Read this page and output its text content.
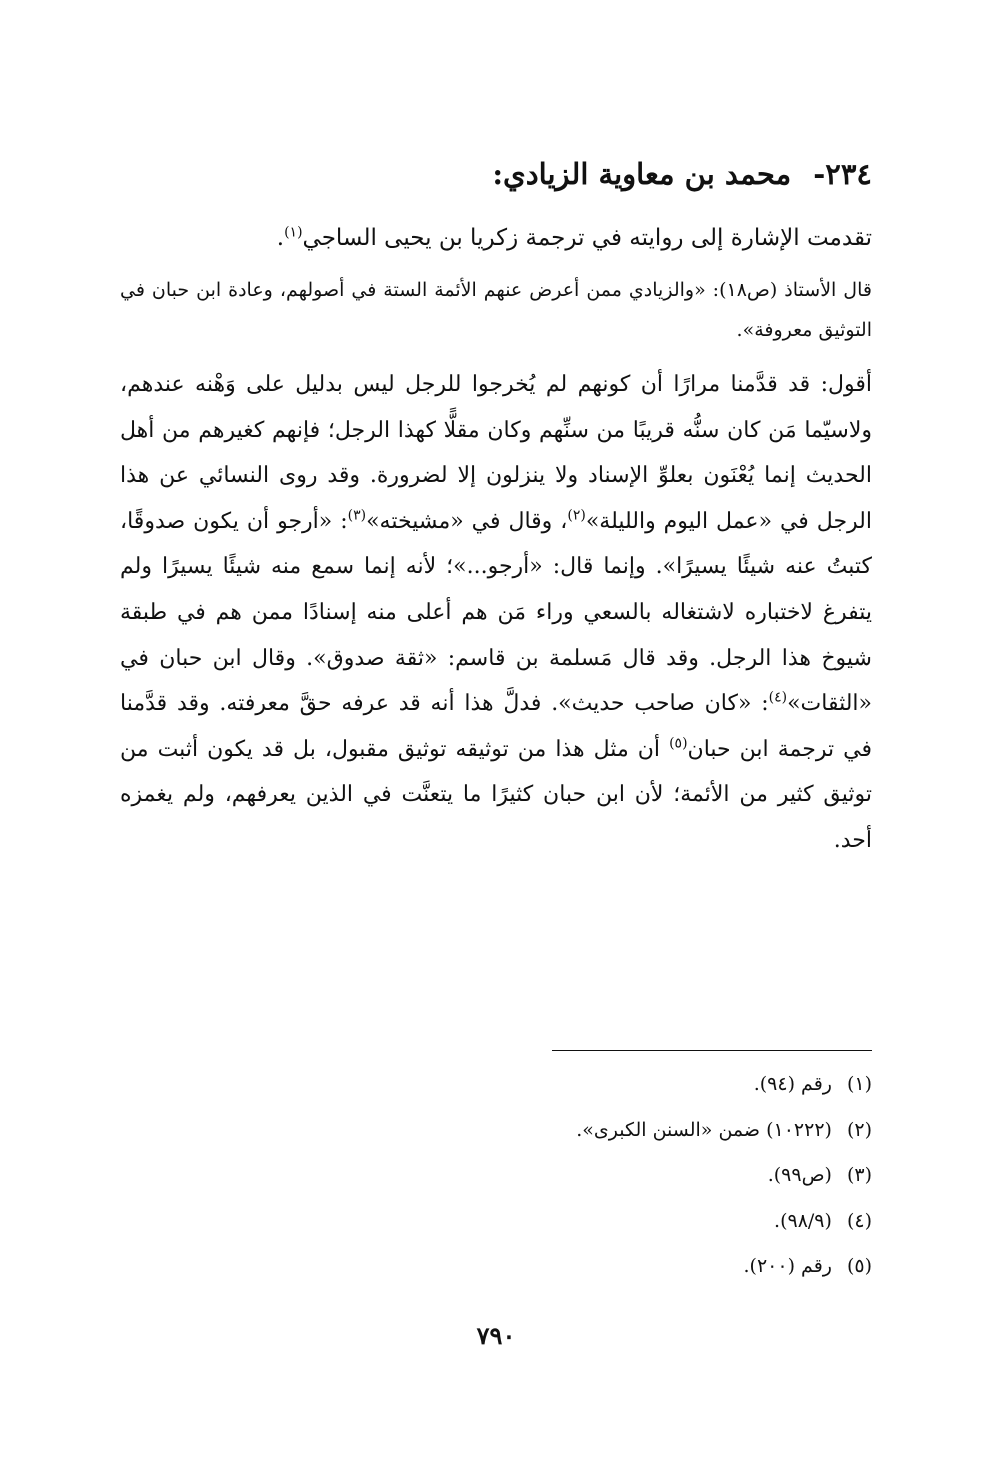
٢٣٤- محمد بن معاوية الزيادي:

تقدمت الإشارة إلى روايته في ترجمة زكريا بن يحيى الساجي$^{(١)}$.

قال الأستاذ (ص١٨): «والزيادي ممن أعرض عنهم الأئمة الستة في أصولهم، وعادة ابن حبان في التوثيق معروفة».

أقول: قد قدَّمنا مرارًا أن كونهم لم يُخرجوا للرجل ليس بدليل على وَهْنه عندهم، ولاسيّما مَن كان سنُّه قريبًا من سنِّهم وكان مقلًّا كهذا الرجل؛ فإنهم كغيرهم من أهل الحديث إنما يُعْنَون بعلوِّ الإسناد ولا ينزلون إلا لضرورة. وقد روى النسائي عن هذا الرجل في «عمل اليوم والليلة»$^{(٢)}$، وقال في «مشيخته»$^{(٣)}$: «أرجو أن يكون صدوقًا، كتبتُ عنه شيئًا يسيرًا». وإنما قال: «أرجو...»؛ لأنه إنما سمع منه شيئًا يسيرًا ولم يتفرغ لاختباره لاشتغاله بالسعي وراء مَن هم أعلى منه إسنادًا ممن هم في طبقة شيوخ هذا الرجل. وقد قال مَسلمة بن قاسم: «ثقة صدوق». وقال ابن حبان في «الثقات»$^{(٤)}$: «كان صاحب حديث». فدلَّ هذا أنه قد عرفه حقَّ معرفته. وقد قدَّمنا في ترجمة ابن حبان$^{(٥)}$ أن مثل هذا من توثيقه توثيق مقبول، بل قد يكون أثبت من توثيق كثير من الأئمة؛ لأن ابن حبان كثيرًا ما يتعنَّت في الذين يعرفهم، ولم يغمزه أحد.

(١) رقم (٩٤).
(٢) (١٠٢٢٢) ضمن «السنن الكبرى».
(٣) (ص٩٩).
(٤) (٩٨/٩).
(٥) رقم (٢٠٠).
٧٩٠
